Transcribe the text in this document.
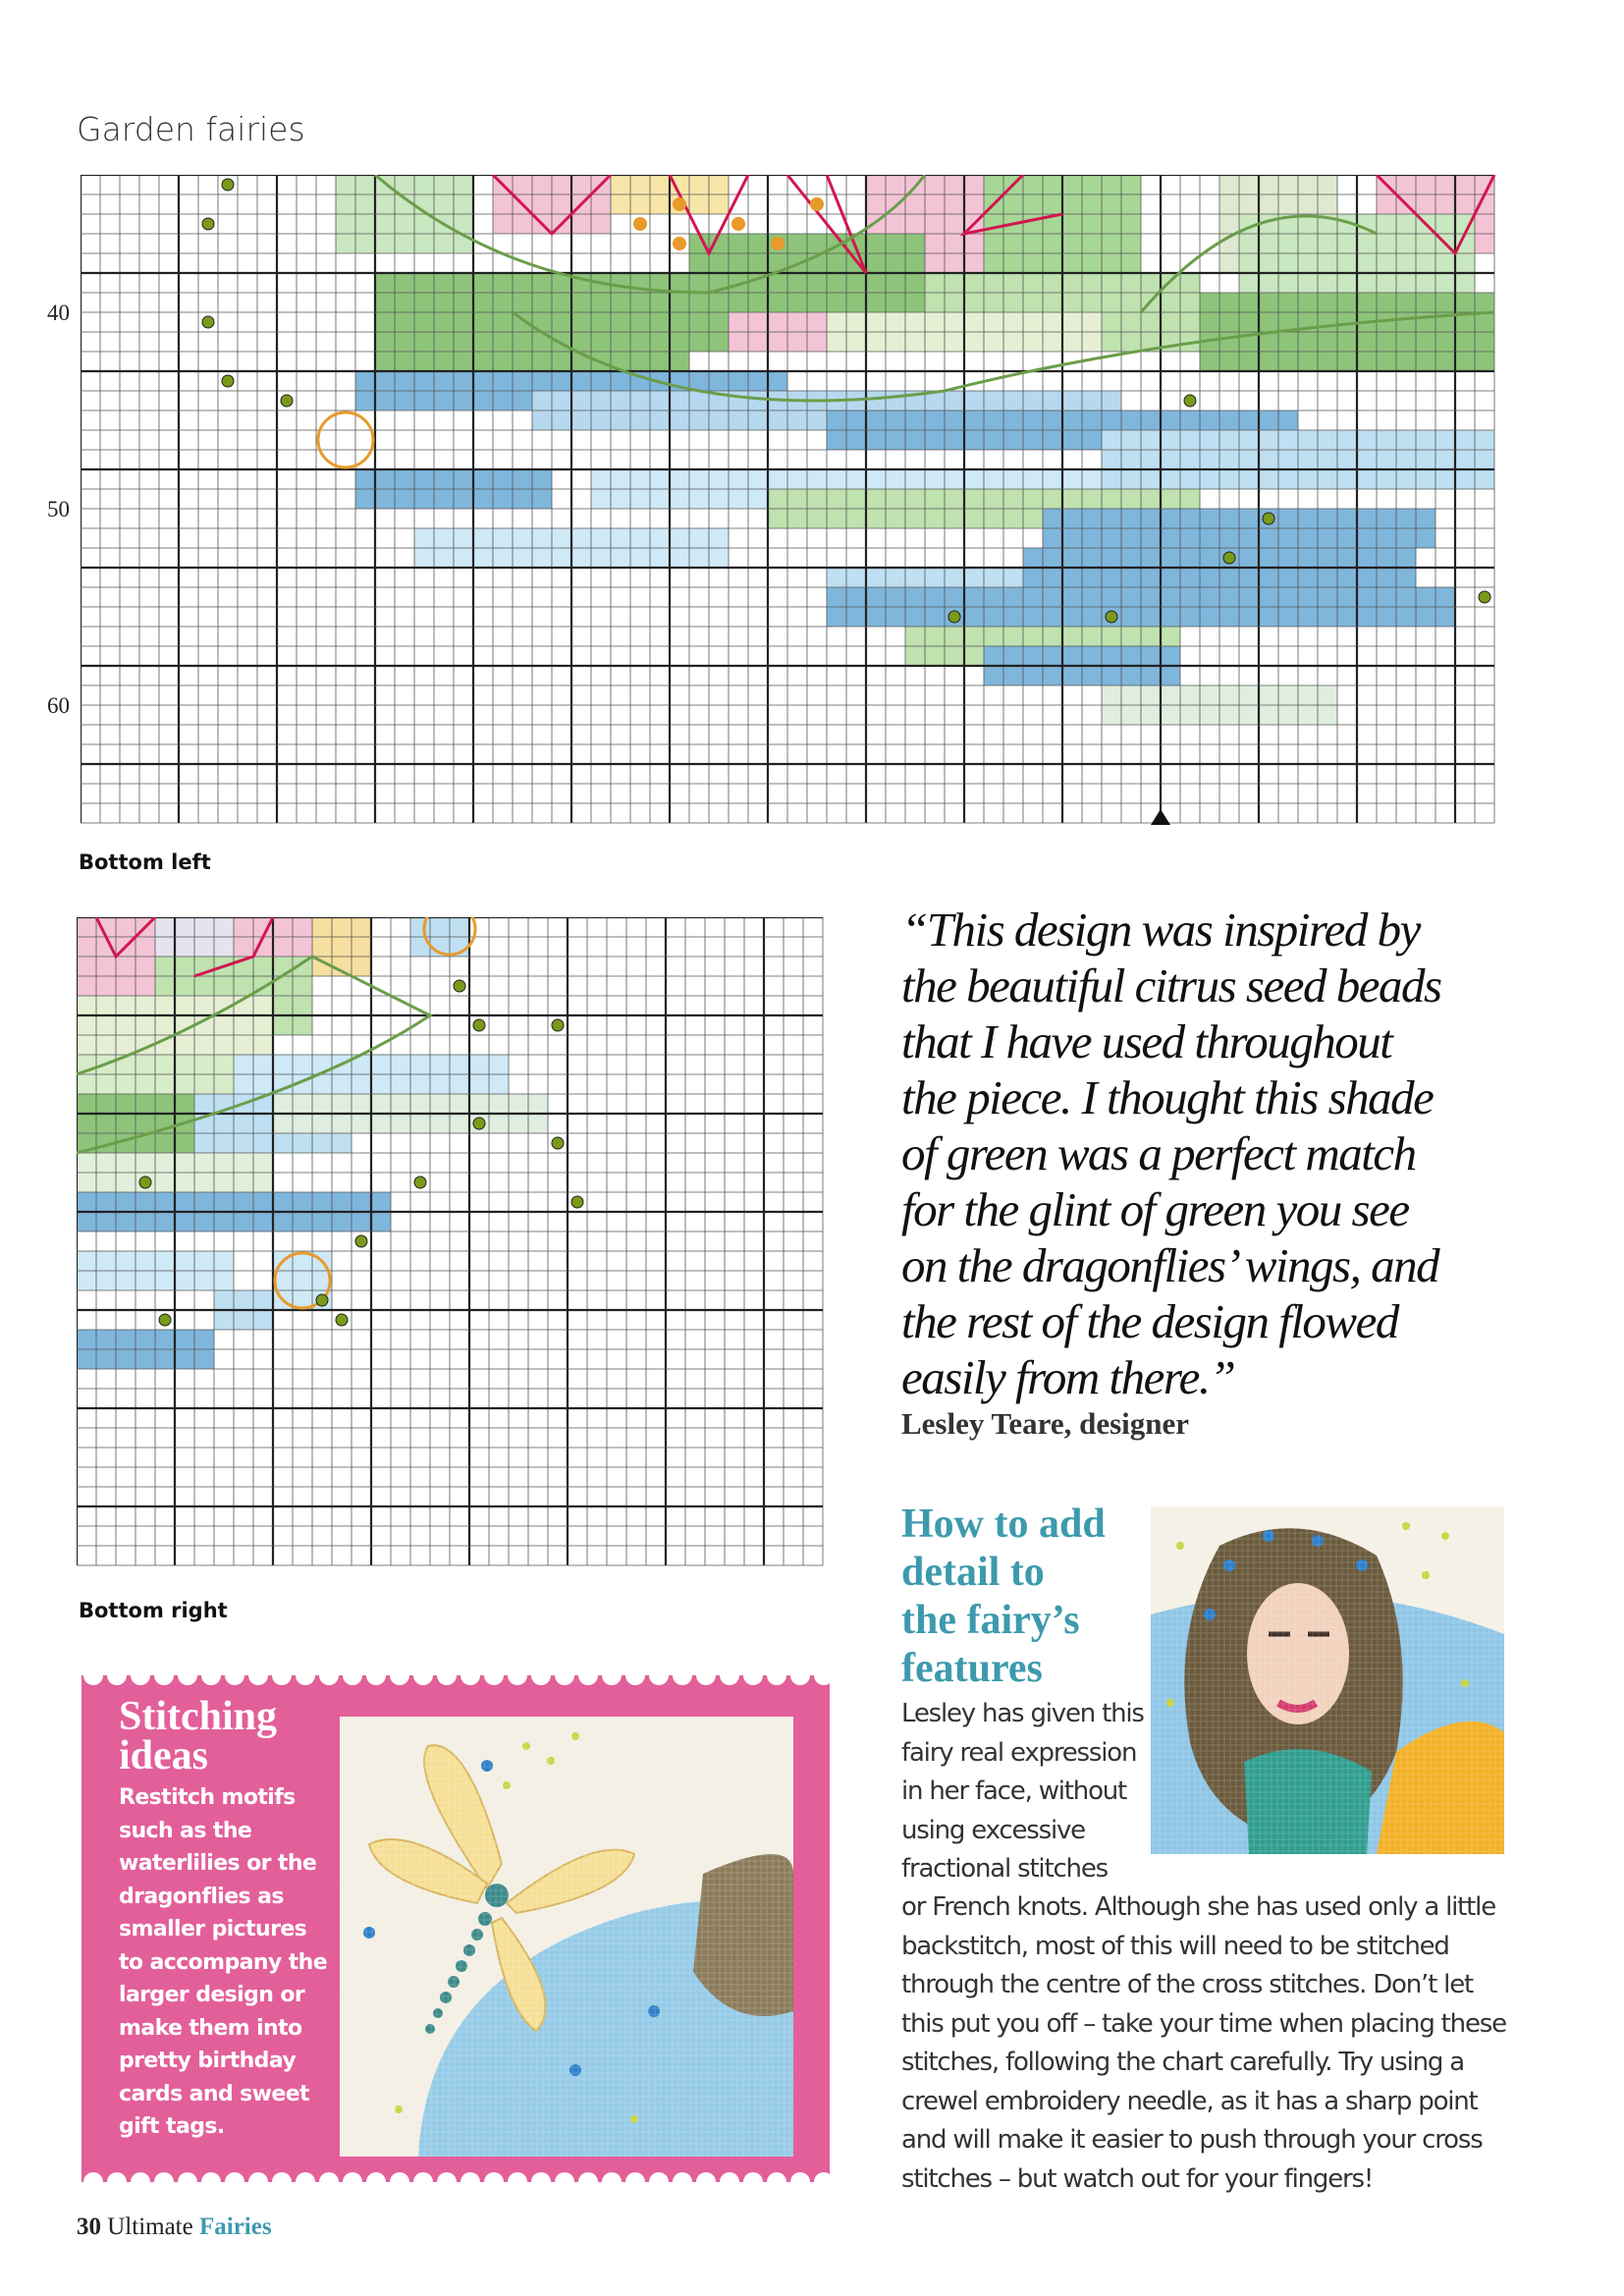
Garden fairies
40
50
60
Bottom left
Bottom right

“This design was inspired by

the beautiful citrus seed beads

that I have used throughout

the piece. I thought this shade

of green was a perfect match

for the glint of green you see

on the dragonflies’ wings, and

the rest of the design flowed

easily from there.”

Lesley Teare, designer

How to add

detail to

the fairy’s

features

Lesley has given this

fairy real expression

in her face, without

using excessive

fractional stitches

or French knots. Although she has used only a little

backstitch, most of this will need to be stitched

through the centre of the cross stitches. Don’t let

this put you off – take your time when placing these

stitches, following the chart carefully. Try using a

crewel embroidery needle, as it has a sharp point

and will make it easier to push through your cross

stitches – but watch out for your fingers!

Stitching

ideas

Restitch motifs

such as the

waterlilies or the

dragonflies as

smaller pictures

to accompany the

larger design or

make them into

pretty birthday

cards and sweet

gift tags.

30 Ultimate Fairies
